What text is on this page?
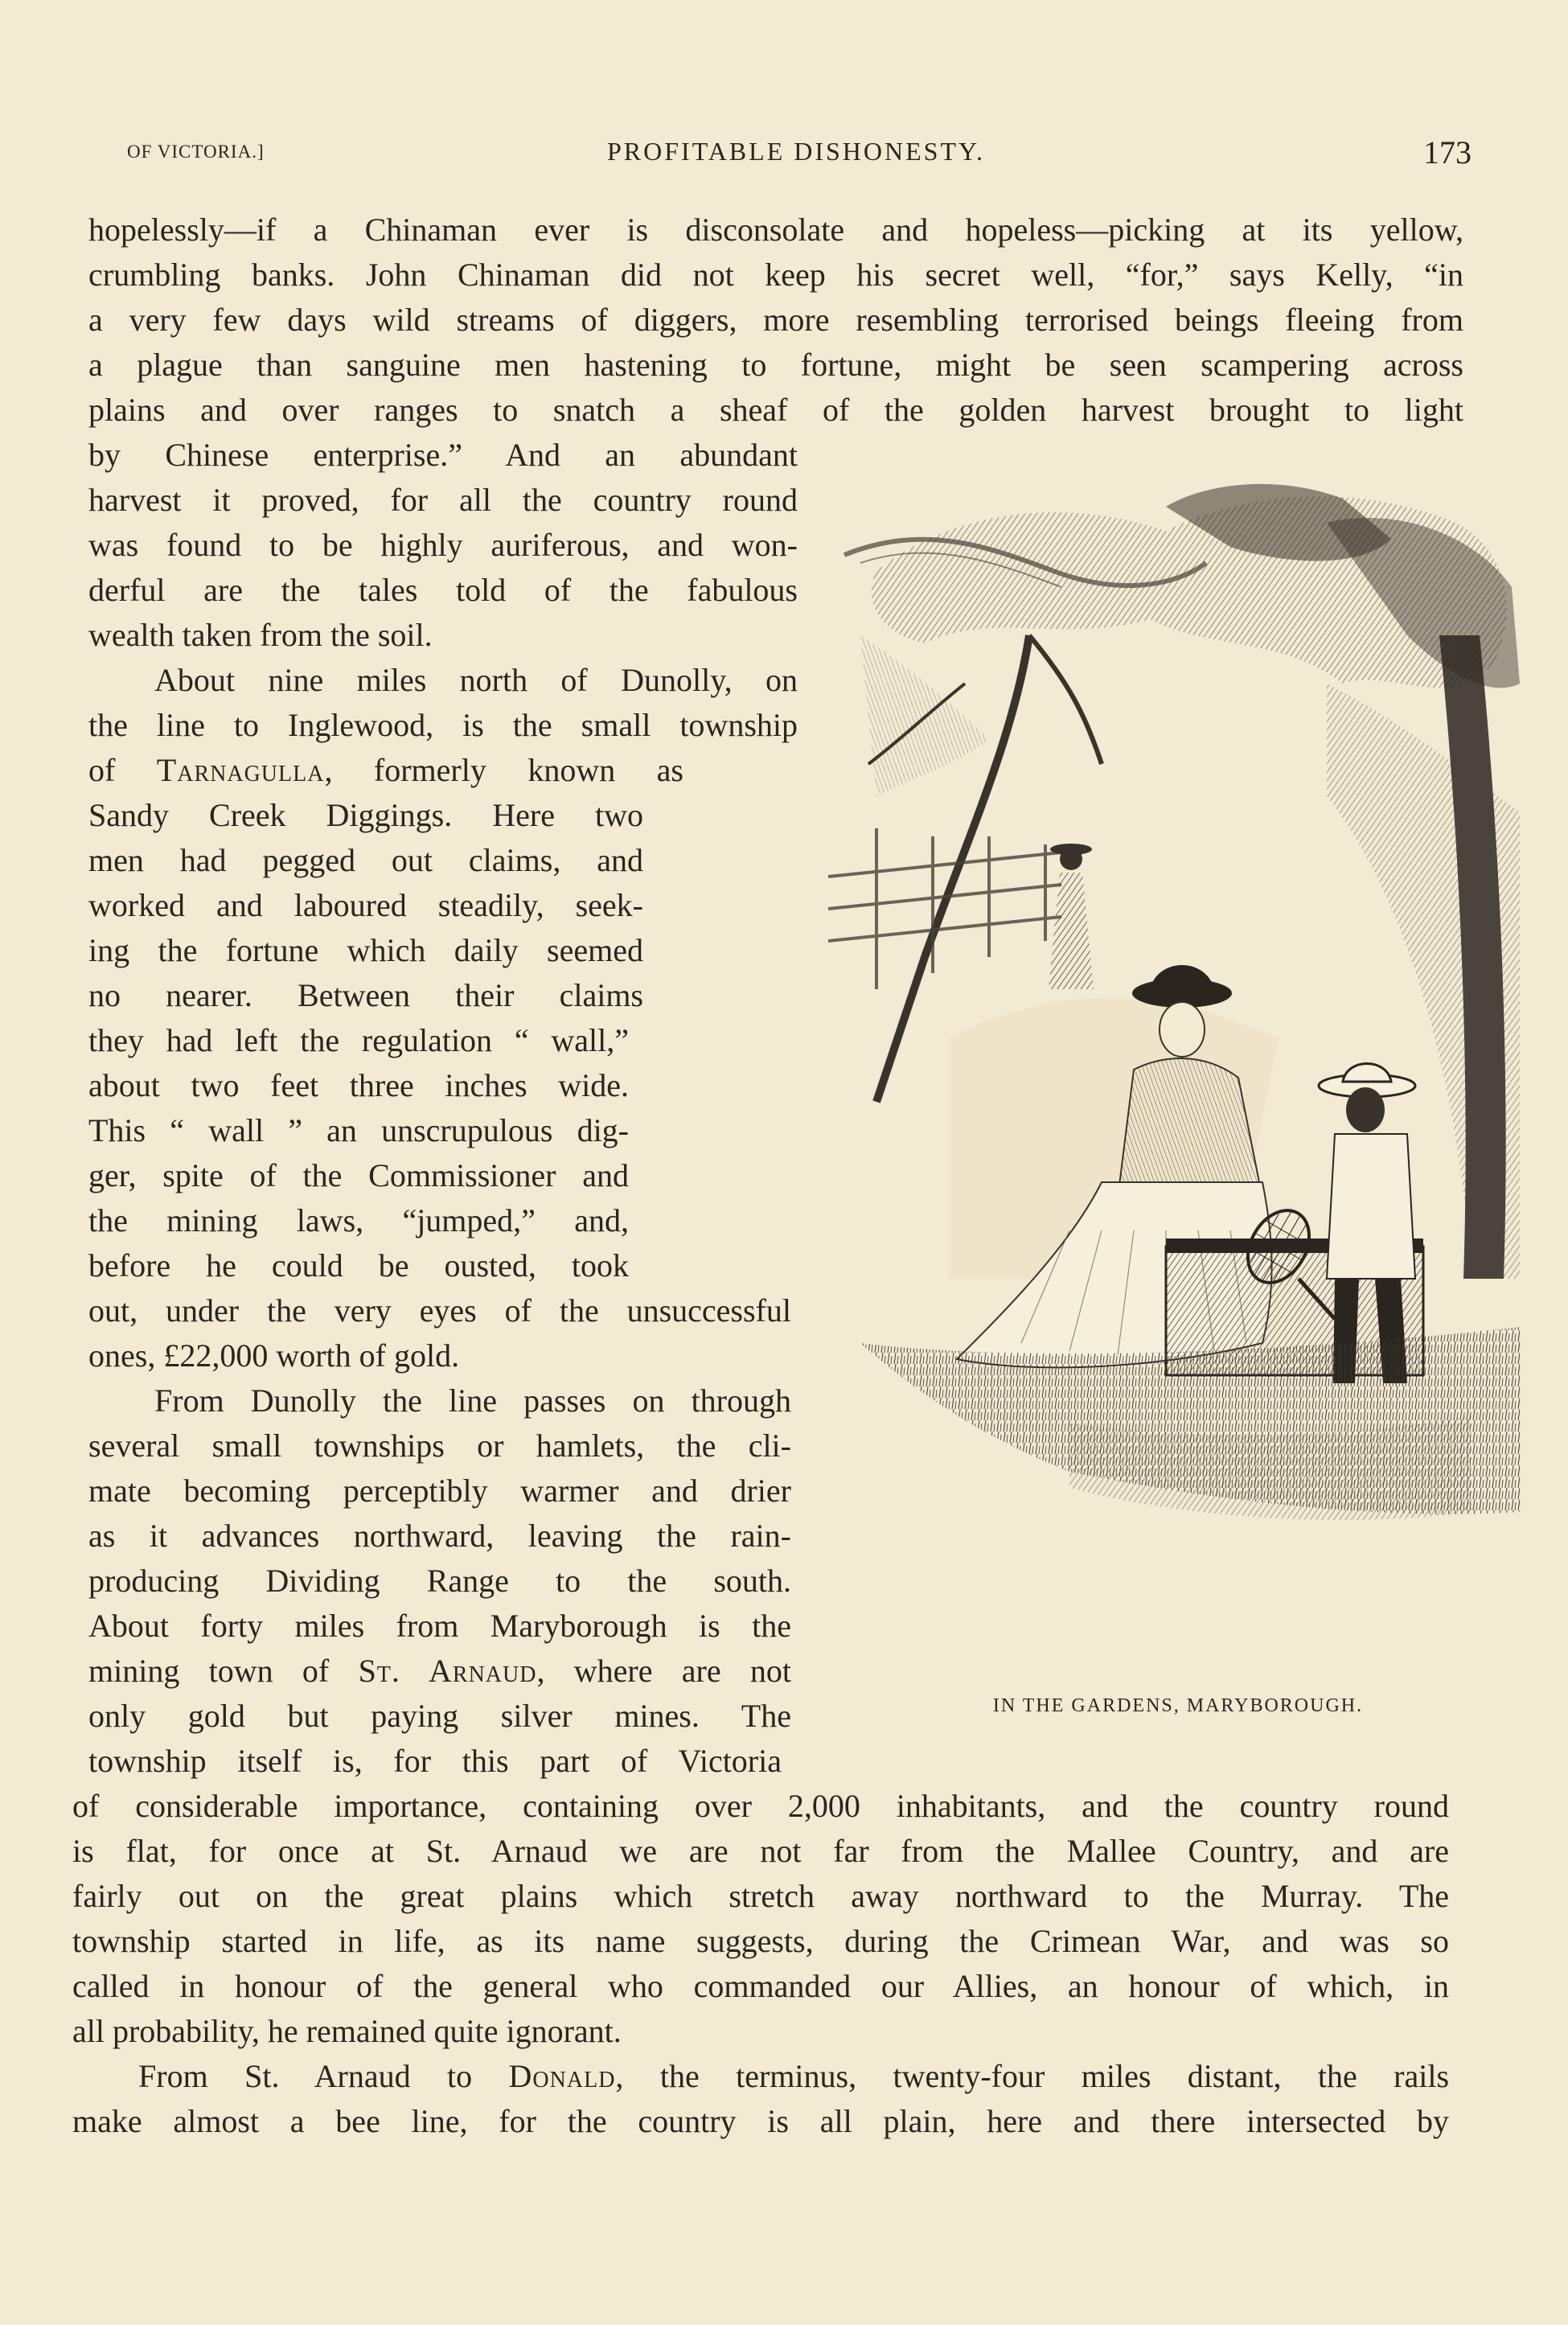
OF VICTORIA.]	PROFITABLE DISHONESTY.	173
hopelessly—if a Chinaman ever is disconsolate and hopeless—picking at its yellow,
crumbling banks. John Chinaman did not keep his secret well, “for,” says Kelly, “in
a very few days wild streams of diggers, more resembling terrorised beings fleeing from
a plague than sanguine men hastening to fortune, might be seen scampering across
plains and over ranges to snatch a sheaf of the golden harvest brought to light
by Chinese enterprise.” And an abundant
harvest it proved, for all the country round
was found to be highly auriferous, and won-
derful are the tales told of the fabulous
wealth taken from the soil.
About nine miles north of Dunolly, on
the line to Inglewood, is the small township
of Tarnagulla, formerly known as
Sandy Creek Diggings. Here two
men had pegged out claims, and
worked and laboured steadily, seek-
ing the fortune which daily seemed
no nearer. Between their claims
they had left the regulation “ wall,”
about two feet three inches wide.
This “ wall ” an unscrupulous dig-
ger, spite of the Commissioner and
the mining laws, “jumped,” and,
before he could be ousted, took
out, under the very eyes of the unsuccessful
ones, £22,000 worth of gold.
From Dunolly the line passes on through
several small townships or hamlets, the cli-
mate becoming perceptibly warmer and drier
as it advances northward, leaving the rain-
producing Dividing Range to the south.
About forty miles from Maryborough is the
mining town of St. Arnaud, where are not
only gold but paying silver mines. The
township itself is, for this part of Victoria
of considerable importance, containing over 2,000 inhabitants, and the country round
is flat, for once at St. Arnaud we are not far from the Mallee Country, and are
fairly out on the great plains which stretch away northward to the Murray. The
township started in life, as its name suggests, during the Crimean War, and was so
called in honour of the general who commanded our Allies, an honour of which, in
all probability, he remained quite ignorant.
From St. Arnaud to Donald, the terminus, twenty-four miles distant, the rails
make almost a bee line, for the country is all plain, here and there intersected by
IN THE GARDENS, MARYBOROUGH.
